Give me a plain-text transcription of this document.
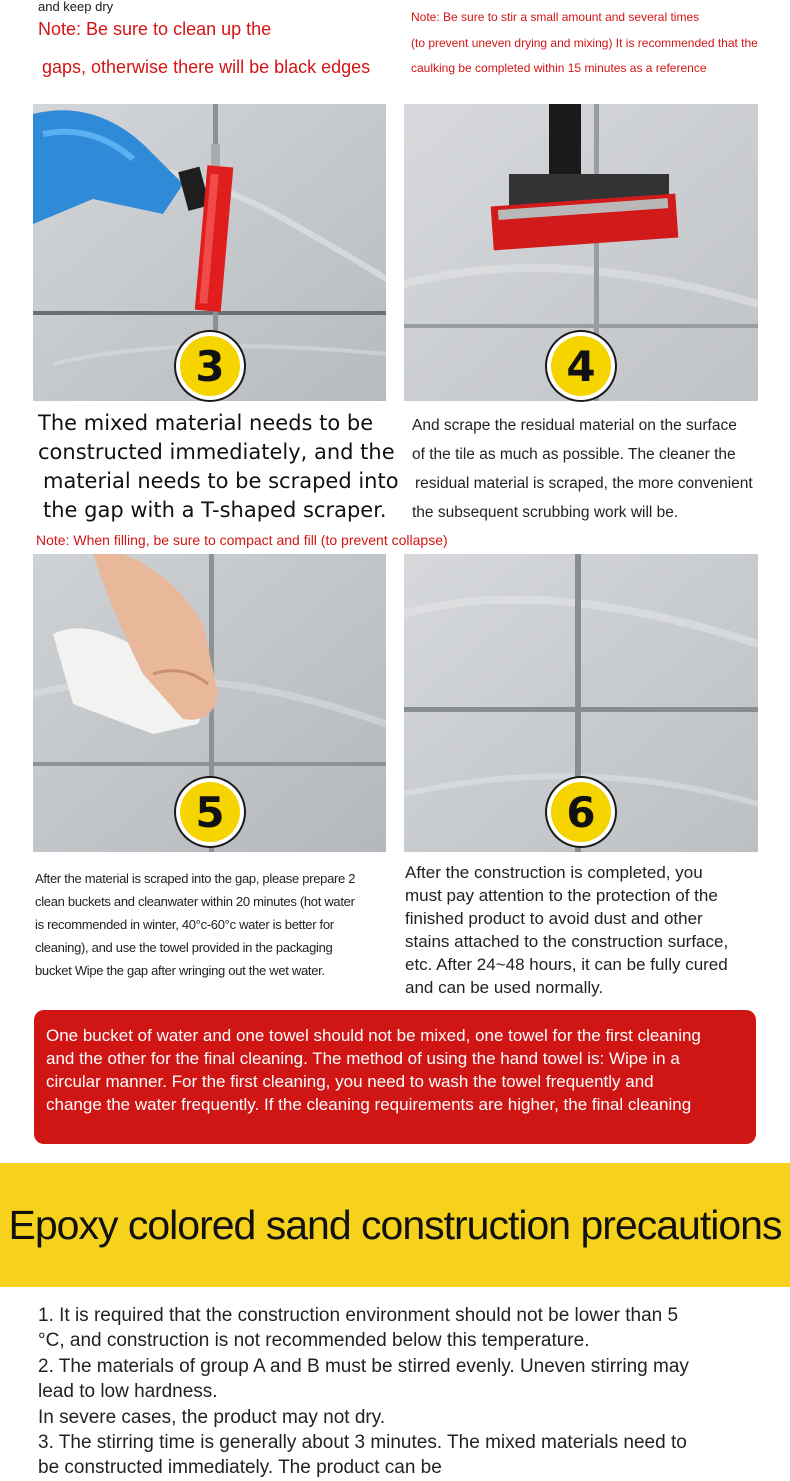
and keep dry
Note: Be sure to clean up the
gaps, otherwise there will be black edges
Note: Be sure to stir a small amount and several times
(to prevent uneven drying and mixing) It is recommended that the
caulking be completed within 15 minutes as a reference
3	4
The mixed material needs to be
constructed immediately, and the
material needs to be scraped into
the gap with a T-shaped scraper.
And scrape the residual material on the surface
of the tile as much as possible. The cleaner the
residual material is scraped, the more convenient
the subsequent scrubbing work will be.
Note: When filling, be sure to compact and fill (to prevent collapse)
5	6
After the material is scraped into the gap, please prepare 2
clean buckets and cleanwater within 20 minutes (hot water
is recommended in winter, 40°c-60°c water is better for
cleaning), and use the towel provided in the packaging
bucket Wipe the gap after wringing out the wet water.
After the construction is completed, you
must pay attention to the protection of the
finished product to avoid dust and other
stains attached to the construction surface,
etc. After 24~48 hours, it can be fully cured
and can be used normally.
One bucket of water and one towel should not be mixed, one towel for the first cleaning
and the other for the final cleaning. The method of using the hand towel is: Wipe in a
circular manner. For the first cleaning, you need to wash the towel frequently and
change the water frequently. If the cleaning requirements are higher, the final cleaning
Epoxy colored sand construction precautions

1. It is required that the construction environment should not be lower than 5

°C, and construction is not recommended below this temperature.

2. The materials of group A and B must be stirred evenly. Uneven stirring may

lead to low hardness.

In severe cases, the product may not dry.

3. The stirring time is generally about 3 minutes. The mixed materials need to

be constructed immediately. The product can be
